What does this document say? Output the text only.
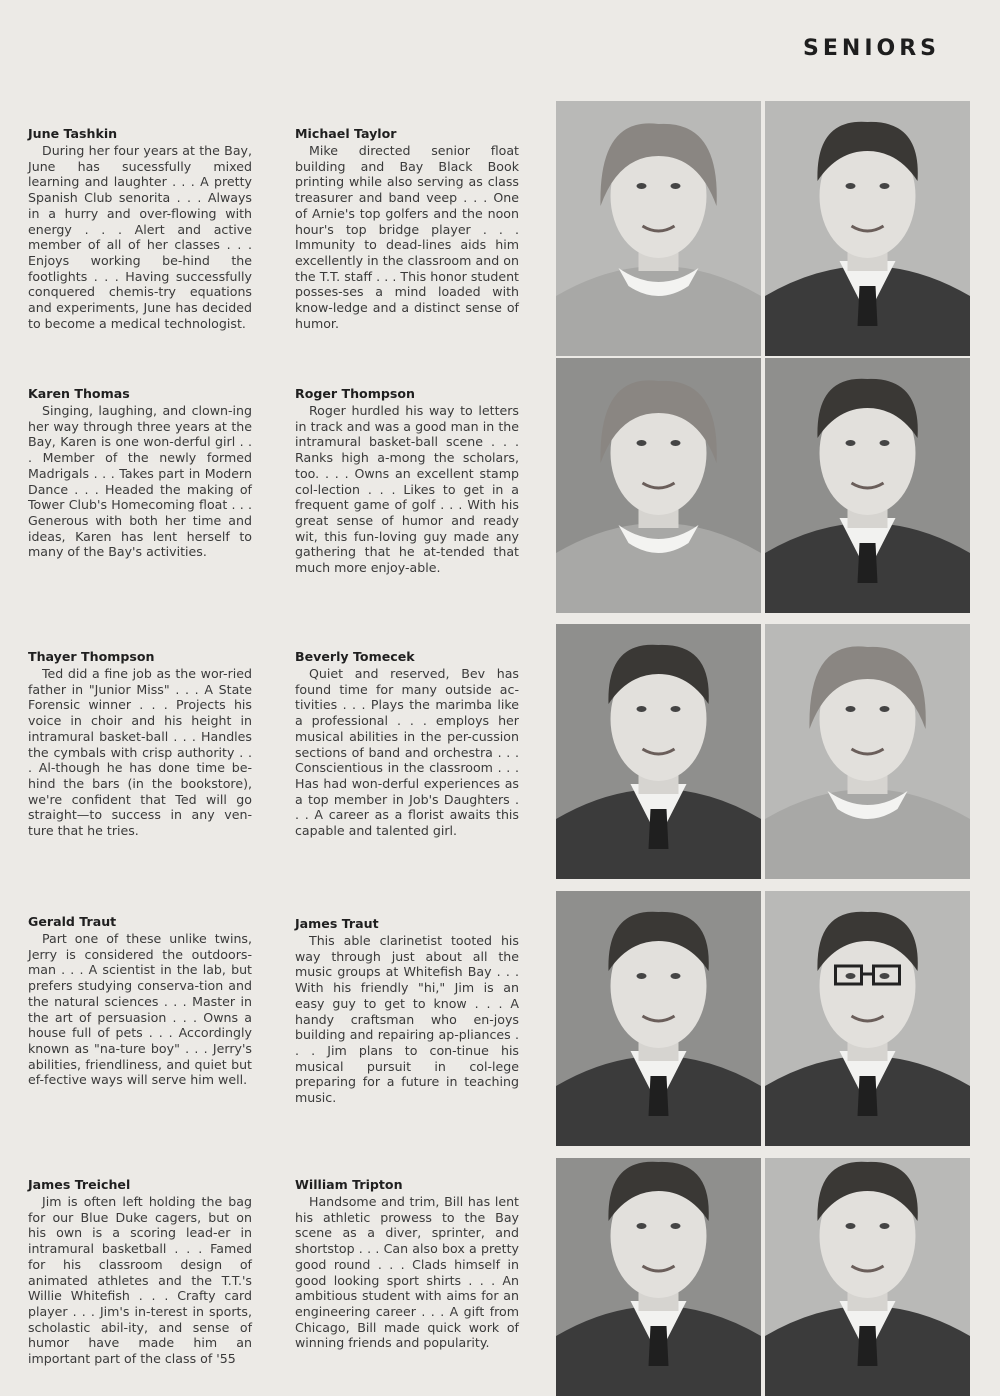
SENIORS
June Tashkin

During her four years at the Bay, June has sucessfully mixed learning and laughter . . . A pretty Spanish Club senorita . . . Always in a hurry and over-flowing with energy . . . Alert and active member of all of her classes . . . Enjoys working be-hind the footlights . . . Having successfully conquered chemis-try equations and experiments, June has decided to become a medical technologist.

Michael Taylor

Mike directed senior float building and Bay Black Book printing while also serving as class treasurer and band veep . . . One of Arnie's top golfers and the noon hour's top bridge player . . . Immunity to dead-lines aids him excellently in the classroom and on the T.T. staff . . . This honor student posses-ses a mind loaded with know-ledge and a distinct sense of humor.

Karen Thomas

Singing, laughing, and clown-ing her way through three years at the Bay, Karen is one won-derful girl . . . Member of the newly formed Madrigals . . . Takes part in Modern Dance . . . Headed the making of Tower Club's Homecoming float . . . Generous with both her time and ideas, Karen has lent herself to many of the Bay's activities.

Roger Thompson

Roger hurdled his way to letters in track and was a good man in the intramural basket-ball scene . . . Ranks high a-mong the scholars, too. . . . Owns an excellent stamp col-lection . . . Likes to get in a frequent game of golf . . . With his great sense of humor and ready wit, this fun-loving guy made any gathering that he at-tended that much more enjoy-able.

Thayer Thompson

Ted did a fine job as the wor-ried father in "Junior Miss" . . . A State Forensic winner . . . Projects his voice in choir and his height in intramural basket-ball . . . Handles the cymbals with crisp authority . . . Al-though he has done time be-hind the bars (in the bookstore), we're confident that Ted will go straight—to success in any ven-ture that he tries.

Beverly Tomecek

Quiet and reserved, Bev has found time for many outside ac-tivities . . . Plays the marimba like a professional . . . employs her musical abilities in the per-cussion sections of band and orchestra . . . Conscientious in the classroom . . . Has had won-derful experiences as a top member in Job's Daughters . . . A career as a florist awaits this capable and talented girl.

Gerald Traut

Part one of these unlike twins, Jerry is considered the outdoors-man . . . A scientist in the lab, but prefers studying conserva-tion and the natural sciences . . . Master in the art of persuasion . . . Owns a house full of pets . . . Accordingly known as "na-ture boy" . . . Jerry's abilities, friendliness, and quiet but ef-fective ways will serve him well.

James Traut

This able clarinetist tooted his way through just about all the music groups at Whitefish Bay . . . With his friendly "hi," Jim is an easy guy to get to know . . . A handy craftsman who en-joys building and repairing ap-pliances . . . Jim plans to con-tinue his musical pursuit in col-lege preparing for a future in teaching music.

James Treichel

Jim is often left holding the bag for our Blue Duke cagers, but on his own is a scoring lead-er in intramural basketball . . . Famed for his classroom design of animated athletes and the T.T.'s Willie Whitefish . . . Crafty card player . . . Jim's in-terest in sports, scholastic abil-ity, and sense of humor have made him an important part of the class of '55

William Tripton

Handsome and trim, Bill has lent his athletic prowess to the Bay scene as a diver, sprinter, and shortstop . . . Can also box a pretty good round . . . Clads himself in good looking sport shirts . . . An ambitious student with aims for an engineering career . . . A gift from Chicago, Bill made quick work of winning friends and popularity.
